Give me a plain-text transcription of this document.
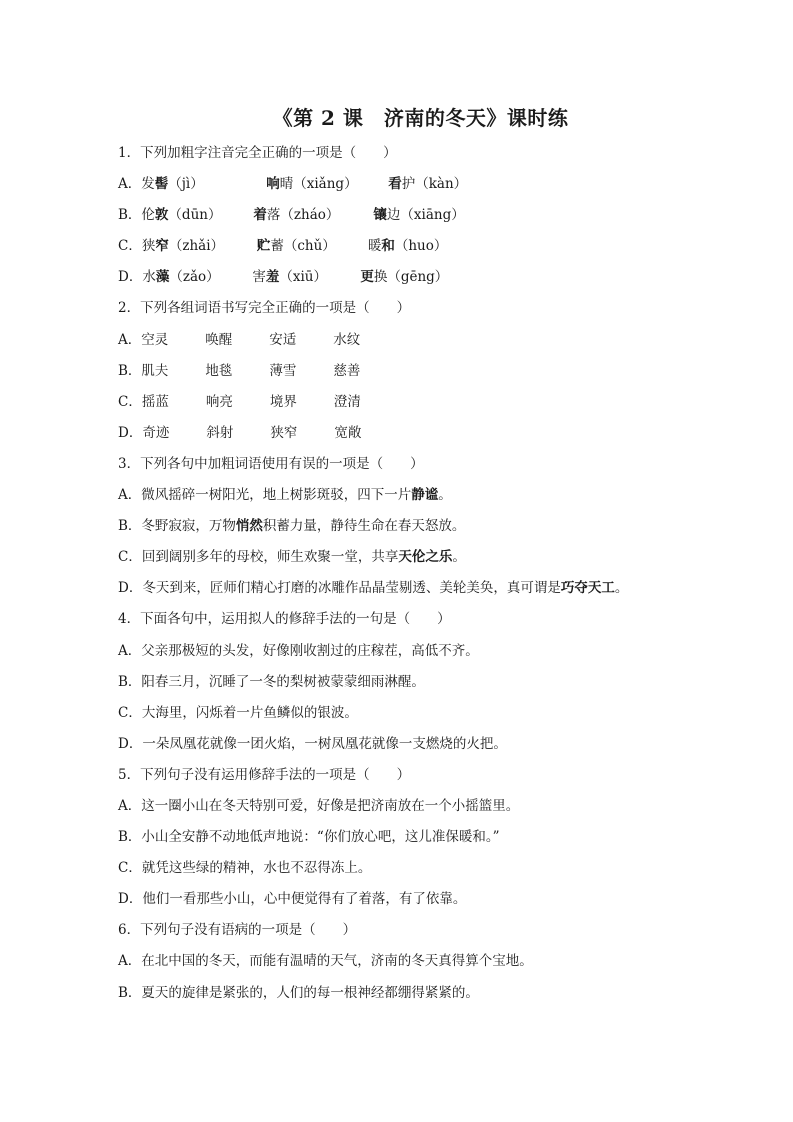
《第 2 课　济南的冬天》课时练
1．下列加粗字注音完全正确的一项是（　　）
A．发髻（jì）	响晴（xiǎng） 看护（kàn）
B．伦敦（dūn） 着落（zháo）	镶边（xiāng）
C．狭窄（zhǎi） 贮蓄（chǔ） 暖和（huo）
D．水藻（zǎo） 害羞（xiū） 更换（gēng）
2．下列各组词语书写完全正确的一项是（　　）
A．空灵	唤醒	安适	水纹
B．肌夫	地毯	薄雪	慈善
C．摇蓝	响亮	境界	澄清
D．奇迹	斜射	狭窄	宽敞
3．下列各句中加粗词语使用有误的一项是（　　）
A．微风摇碎一树阳光，地上树影斑驳，四下一片静谧。
B．冬野寂寂，万物悄然积蓄力量，静待生命在春天怒放。
C．回到阔别多年的母校，师生欢聚一堂，共享天伦之乐。
D．冬天到来，匠师们精心打磨的冰雕作品晶莹剔透、美轮美奂，真可谓是巧夺天工。
4．下面各句中，运用拟人的修辞手法的一句是（　　）
A．父亲那极短的头发，好像刚收割过的庄稼茬，高低不齐。
B．阳春三月，沉睡了一冬的梨树被蒙蒙细雨淋醒。
C．大海里，闪烁着一片鱼鳞似的银波。
D．一朵凤凰花就像一团火焰，一树凤凰花就像一支燃烧的火把。
5．下列句子没有运用修辞手法的一项是（　　）
A．这一圈小山在冬天特别可爱，好像是把济南放在一个小摇篮里。
B．小山全安静不动地低声地说：“你们放心吧，这儿准保暖和。”
C．就凭这些绿的精神，水也不忍得冻上。
D．他们一看那些小山，心中便觉得有了着落，有了依靠。
6．下列句子没有语病的一项是（　　）
A．在北中国的冬天，而能有温晴的天气，济南的冬天真得算个宝地。
B．夏天的旋律是紧张的，人们的每一根神经都绷得紧紧的。
